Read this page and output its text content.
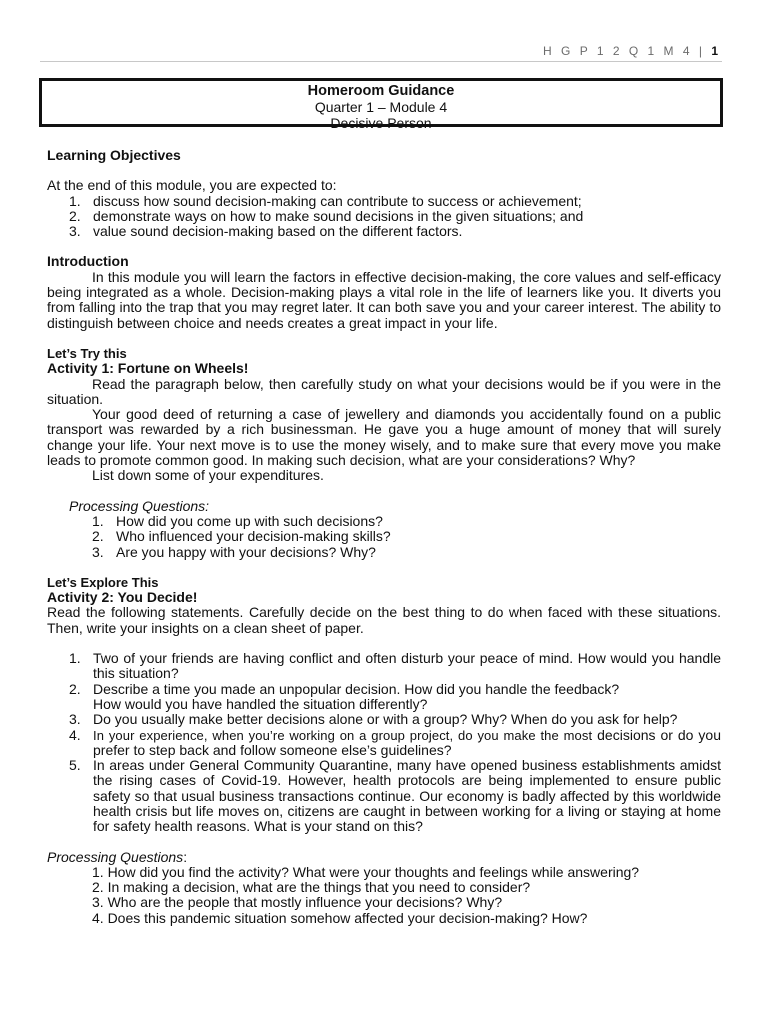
H G P 1 2 Q 1 M 4 | 1
Homeroom Guidance
Quarter 1 – Module 4
Decisive Person
Learning Objectives
At the end of this module, you are expected to:
1. discuss how sound decision-making can contribute to success or achievement;
2. demonstrate ways on how to make sound decisions in the given situations; and
3. value sound decision-making based on the different factors.
Introduction
In this module you will learn the factors in effective decision-making, the core values and self-efficacy being integrated as a whole. Decision-making plays a vital role in the life of learners like you. It diverts you from falling into the trap that you may regret later. It can both save you and your career interest. The ability to distinguish between choice and needs creates a great impact in your life.
Let’s Try this
Activity 1: Fortune on Wheels!
Read the paragraph below, then carefully study on what your decisions would be if you were in the situation.
Your good deed of returning a case of jewellery and diamonds you accidentally found on a public transport was rewarded by a rich businessman. He gave you a huge amount of money that will surely change your life. Your next move is to use the money wisely, and to make sure that every move you make leads to promote common good. In making such decision, what are your considerations? Why?
List down some of your expenditures.
Processing Questions:
1. How did you come up with such decisions?
2. Who influenced your decision-making skills?
3. Are you happy with your decisions? Why?
Let’s Explore This
Activity 2: You Decide!
Read the following statements. Carefully decide on the best thing to do when faced with these situations. Then, write your insights on a clean sheet of paper.
1. Two of your friends are having conflict and often disturb your peace of mind. How would you handle this situation?
2. Describe a time you made an unpopular decision. How did you handle the feedback?
How would you have handled the situation differently?
3. Do you usually make better decisions alone or with a group? Why? When do you ask for help?
4. In your experience, when you’re working on a group project, do you make the most decisions or do you prefer to step back and follow someone else’s guidelines?
5. In areas under General Community Quarantine, many have opened business establishments amidst the rising cases of Covid-19. However, health protocols are being implemented to ensure public safety so that usual business transactions continue. Our economy is badly affected by this worldwide health crisis but life moves on, citizens are caught in between working for a living or staying at home for safety health reasons. What is your stand on this?
Processing Questions:
1. How did you find the activity? What were your thoughts and feelings while answering?
2. In making a decision, what are the things that you need to consider?
3. Who are the people that mostly influence your decisions? Why?
4. Does this pandemic situation somehow affected your decision-making? How?
